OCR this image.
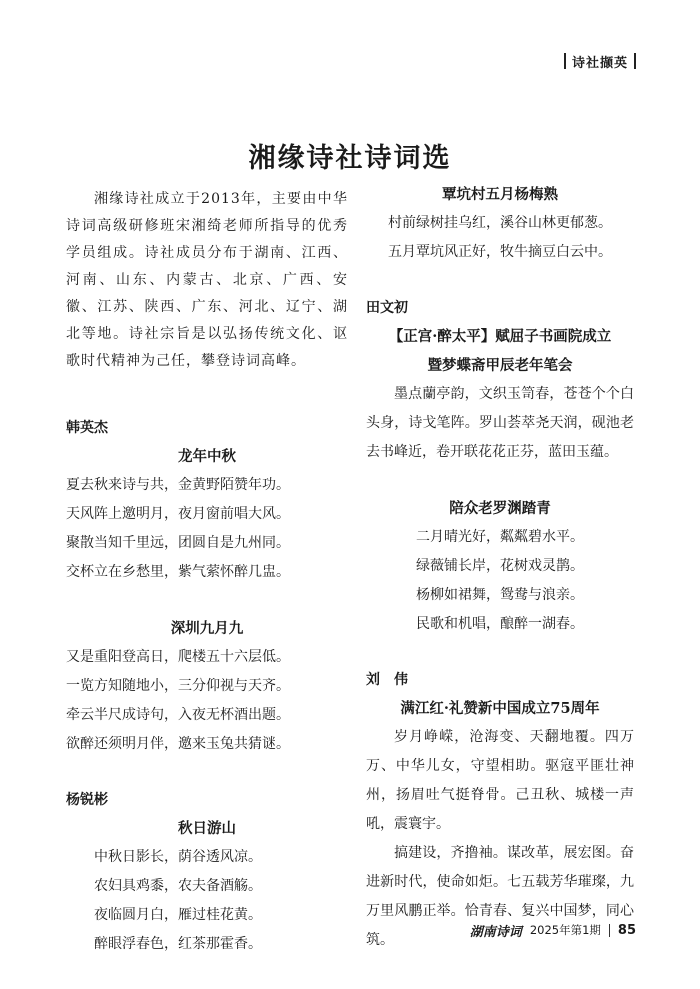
诗社撷英
湘缘诗社诗词选

湘缘诗社成立于2013年，主要由中华诗词高级研修班宋湘绮老师所指导的优秀学员组成。诗社成员分布于湖南、江西、河南、山东、内蒙古、北京、广西、安徽、江苏、陕西、广东、河北、辽宁、湖北等地。诗社宗旨是以弘扬传统文化、讴歌时代精神为己任，攀登诗词高峰。

韩英杰
龙年中秋
夏去秋来诗与共，金黄野陌赞年功。
天风阵上邀明月，夜月窗前唱大风。
聚散当知千里远，团圆自是九州同。
交杯立在乡愁里，紫气萦怀醉几盅。
深圳九月九
又是重阳登高日，爬楼五十六层低。
一览方知随地小，三分仰视与天齐。
牵云半尺成诗句，入夜无杯酒出题。
欲醉还须明月伴，邀来玉兔共猜谜。
杨锐彬
秋日游山
中秋日影长，荫谷透风凉。
农妇具鸡黍，农夫备酒觞。
夜临圆月白，雁过桂花黄。
醉眼浮春色，红茶那霍香。
覃坑村五月杨梅熟
村前绿树挂乌红，溪谷山林更郁葱。
五月覃坑风正好，牧牛摘豆白云中。
田文初
【正宫·醉太平】赋屈子书画院成立
暨梦蝶斋甲辰老年笔会

墨点蘭亭韵，文织玉笥春，苍苍个个白头身，诗戈笔阵。罗山荟萃尧天润，砚池老去书峰近，卷开联花花正芬，蓝田玉蕴。

陪众老罗渊踏青
二月晴光好，粼粼碧水平。
绿薇铺长岸，花树戏灵鹊。
杨柳如裙舞，鸳鸯与浪亲。
民歌和机唱，酿醉一湖春。
刘　伟
满江红·礼赞新中国成立75周年

岁月峥嵘，沧海变、天翻地覆。四万万、中华儿女，守望相助。驱寇平匪壮神州，扬眉吐气挺脊骨。己丑秋、城楼一声吼，震寰宇。

搞建设，齐撸袖。谋改革，展宏图。奋进新时代，使命如炬。七五载芳华璀璨，九万里风鹏正举。恰青春、复兴中国梦，同心筑。	湖南诗词 2025年第1期 85
